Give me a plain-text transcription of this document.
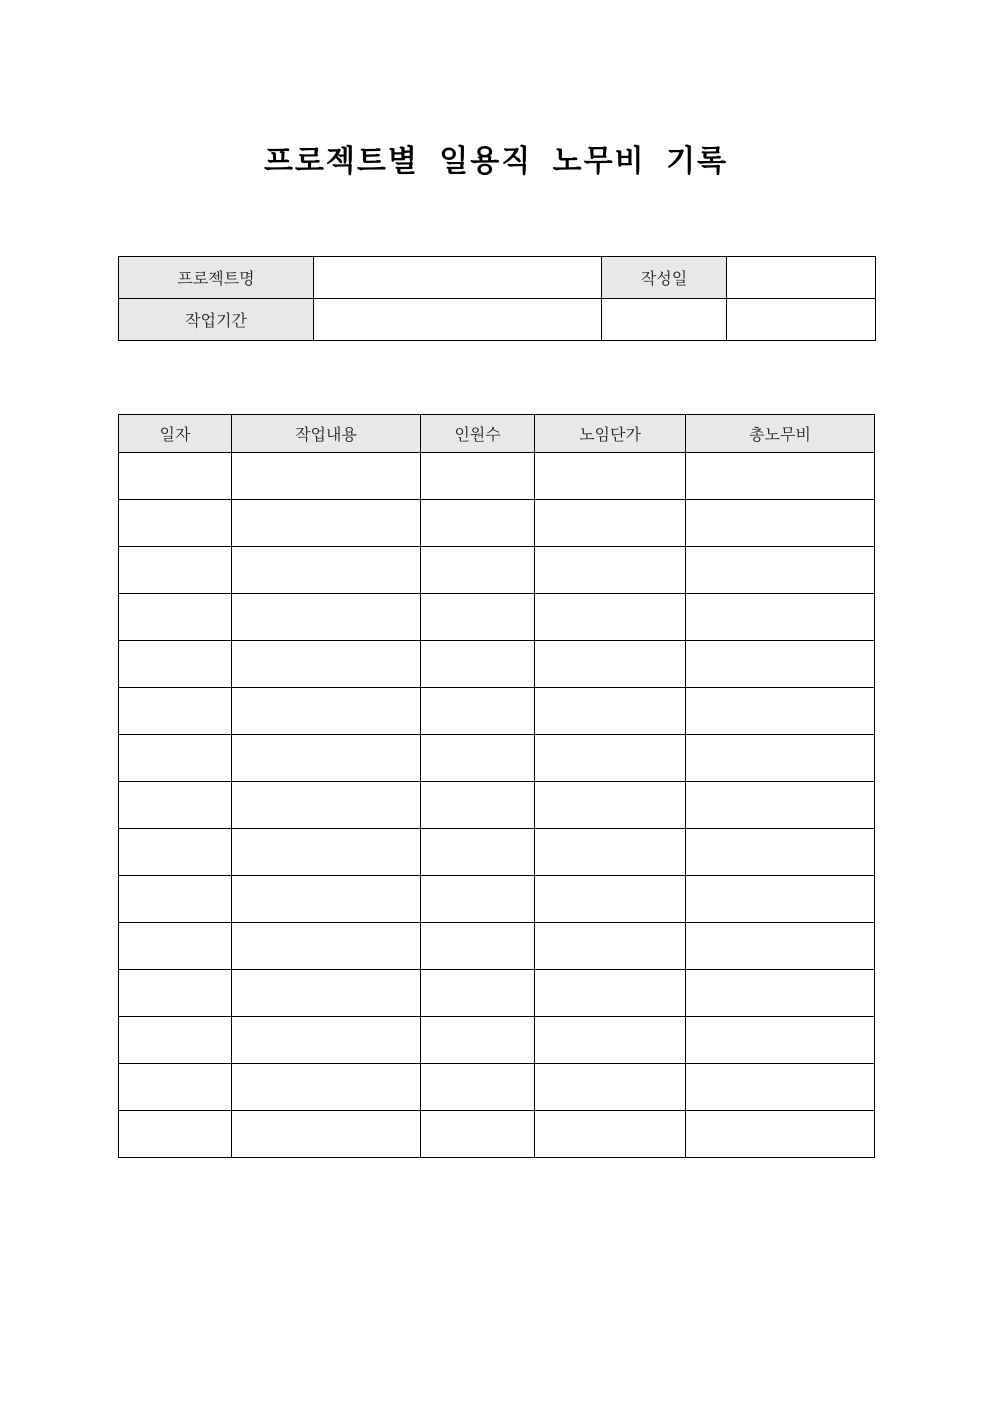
프로젝트별 일용직 노무비 기록
프로젝트명		작성일	
작업기간			
일자	작업내용	인원수	노임단가	총노무비
